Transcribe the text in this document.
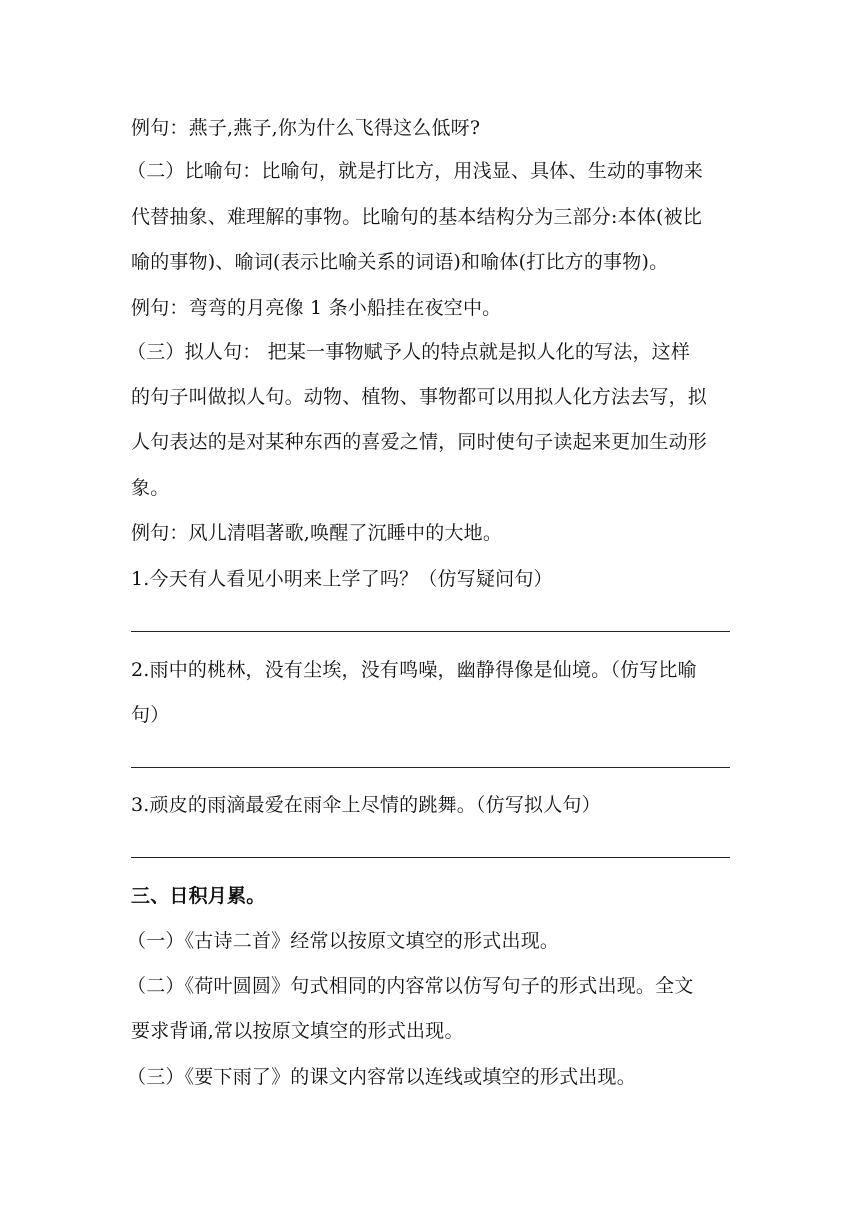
例句：燕子,燕子,你为什么飞得这么低呀?
（二）比喻句：比喻句，就是打比方，用浅显、具体、生动的事物来
代替抽象、难理解的事物。比喻句的基本结构分为三部分:本体(被比
喻的事物)、喻词(表示比喻关系的词语)和喻体(打比方的事物)。
例句：弯弯的月亮像 1 条小船挂在夜空中。
（三）拟人句： 把某一事物赋予人的特点就是拟人化的写法，这样
的句子叫做拟人句。动物、植物、事物都可以用拟人化方法去写，拟
人句表达的是对某种东西的喜爱之情，同时使句子读起来更加生动形
象。
例句：风儿清唱著歌,唤醒了沉睡中的大地。
1.今天有人看见小明来上学了吗？（仿写疑问句）
2.雨中的桃林，没有尘埃，没有鸣噪，幽静得像是仙境。（仿写比喻
句）
3.顽皮的雨滴最爱在雨伞上尽情的跳舞。（仿写拟人句）
三、日积月累。
（一）《古诗二首》经常以按原文填空的形式出现。
（二）《荷叶圆圆》句式相同的内容常以仿写句子的形式出现。全文
要求背诵,常以按原文填空的形式出现。
（三）《要下雨了》的课文内容常以连线或填空的形式出现。
